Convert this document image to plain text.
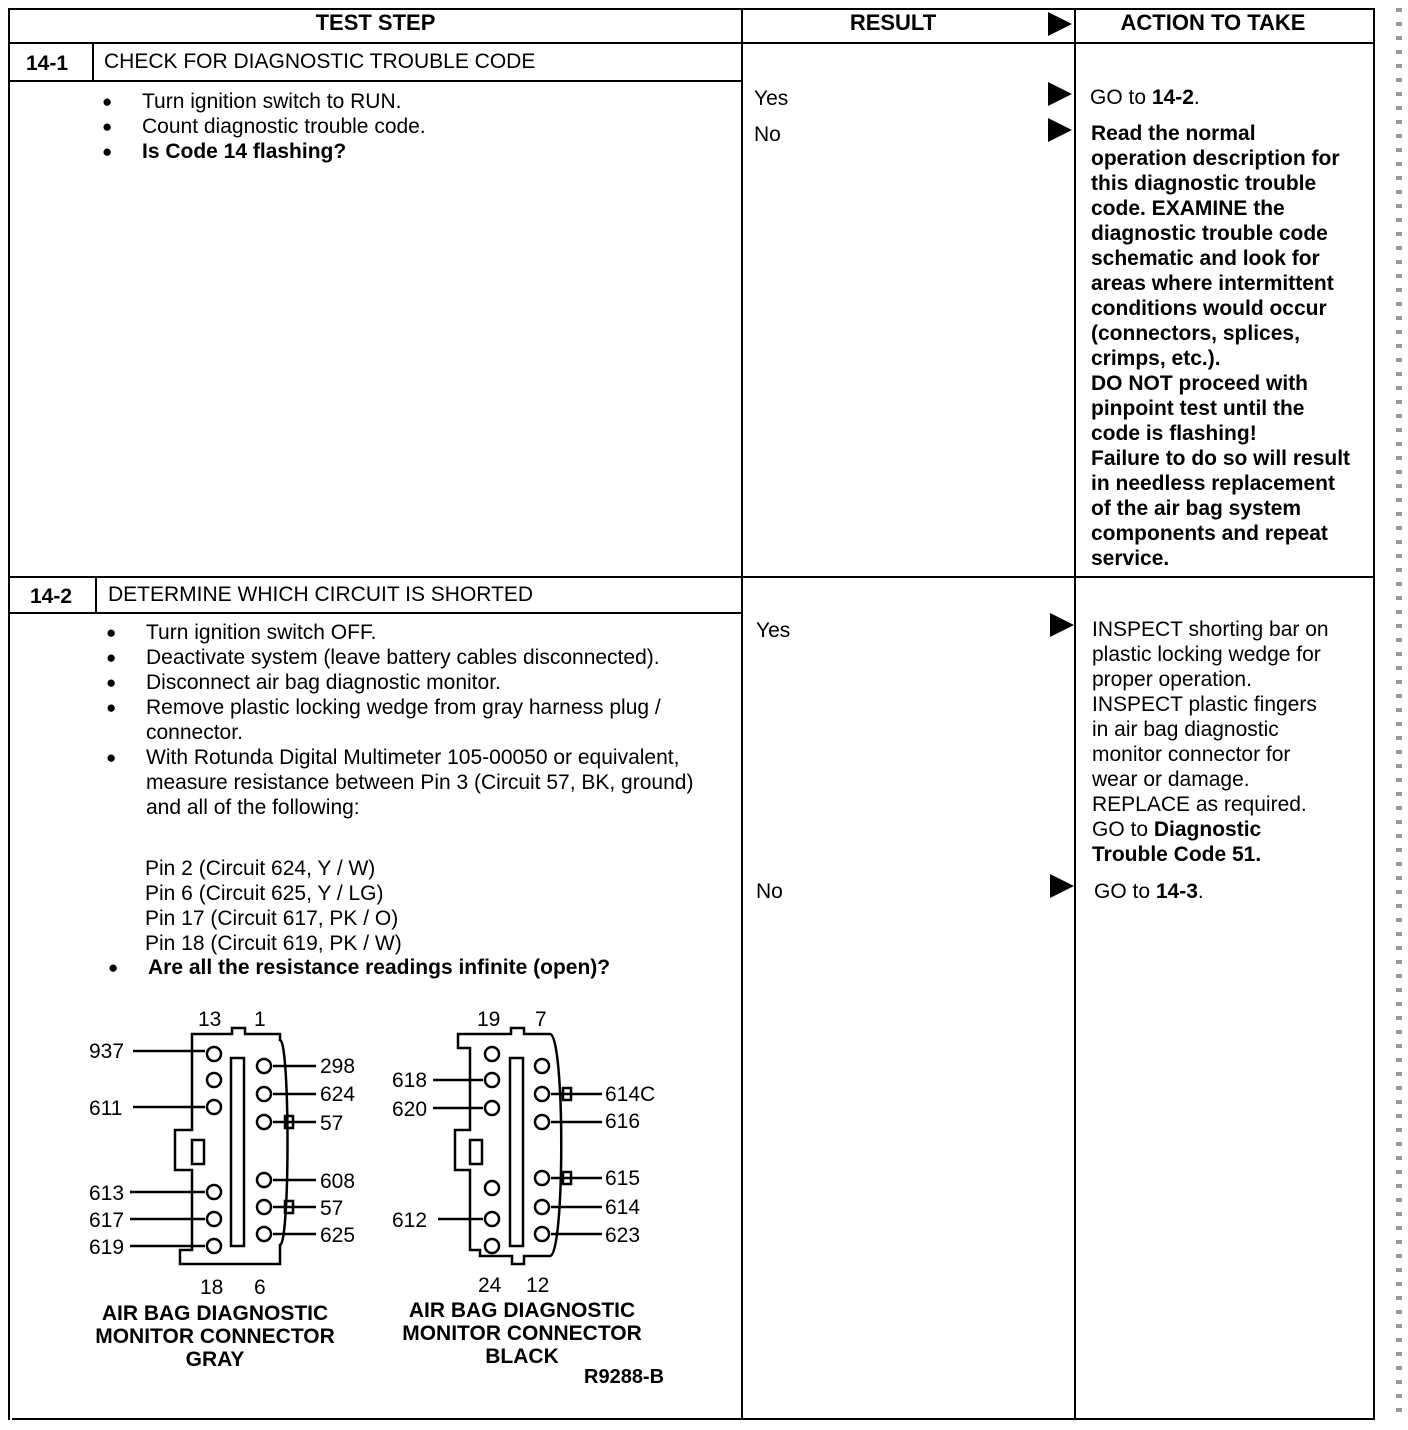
TEST STEP	RESULT	ACTION TO TAKE
14-1 CHECK FOR DIAGNOSTIC TROUBLE CODE
● Turn ignition switch to RUN.
● Count diagnostic trouble code.
● Is Code 14 flashing?
Yes
No
GO to 14-2.

Read the normal

operation description for

this diagnostic trouble

code. EXAMINE the

diagnostic trouble code

schematic and look for

areas where intermittent

conditions would occur

(connectors, splices,

crimps, etc.).

DO NOT proceed with

pinpoint test until the

code is flashing!

Failure to do so will result

in needless replacement

of the air bag system

components and repeat

service.

14-2 DETERMINE WHICH CIRCUIT IS SHORTED
● Turn ignition switch OFF.
● Deactivate system (leave battery cables disconnected).
● Disconnect air bag diagnostic monitor.
● Remove plastic locking wedge from gray harness plug / connector.
● With Rotunda Digital Multimeter 105-00050 or equivalent, measure resistance between Pin 3 (Circuit 57, BK, ground) and all of the following:
Pin 2 (Circuit 624, Y / W)
Pin 6 (Circuit 625, Y / LG)
Pin 17 (Circuit 617, PK / O)
Pin 18 (Circuit 619, PK / W)
● Are all the resistance readings infinite (open)?
Yes
No

INSPECT shorting bar on

plastic locking wedge for

proper operation.

INSPECT plastic fingers

in air bag diagnostic

monitor connector for

wear or damage.

REPLACE as required.

GO to Diagnostic

Trouble Code 51.

GO to 14-3.
13 1
18 6
937
611
613
617
619
298
624
57
608
57
625
19 7
24 12
618
620
612
614C
616
615
614
623
AIR BAG DIAGNOSTIC
MONITOR CONNECTOR
GRAY
AIR BAG DIAGNOSTIC
MONITOR CONNECTOR
BLACK
R9288-B
